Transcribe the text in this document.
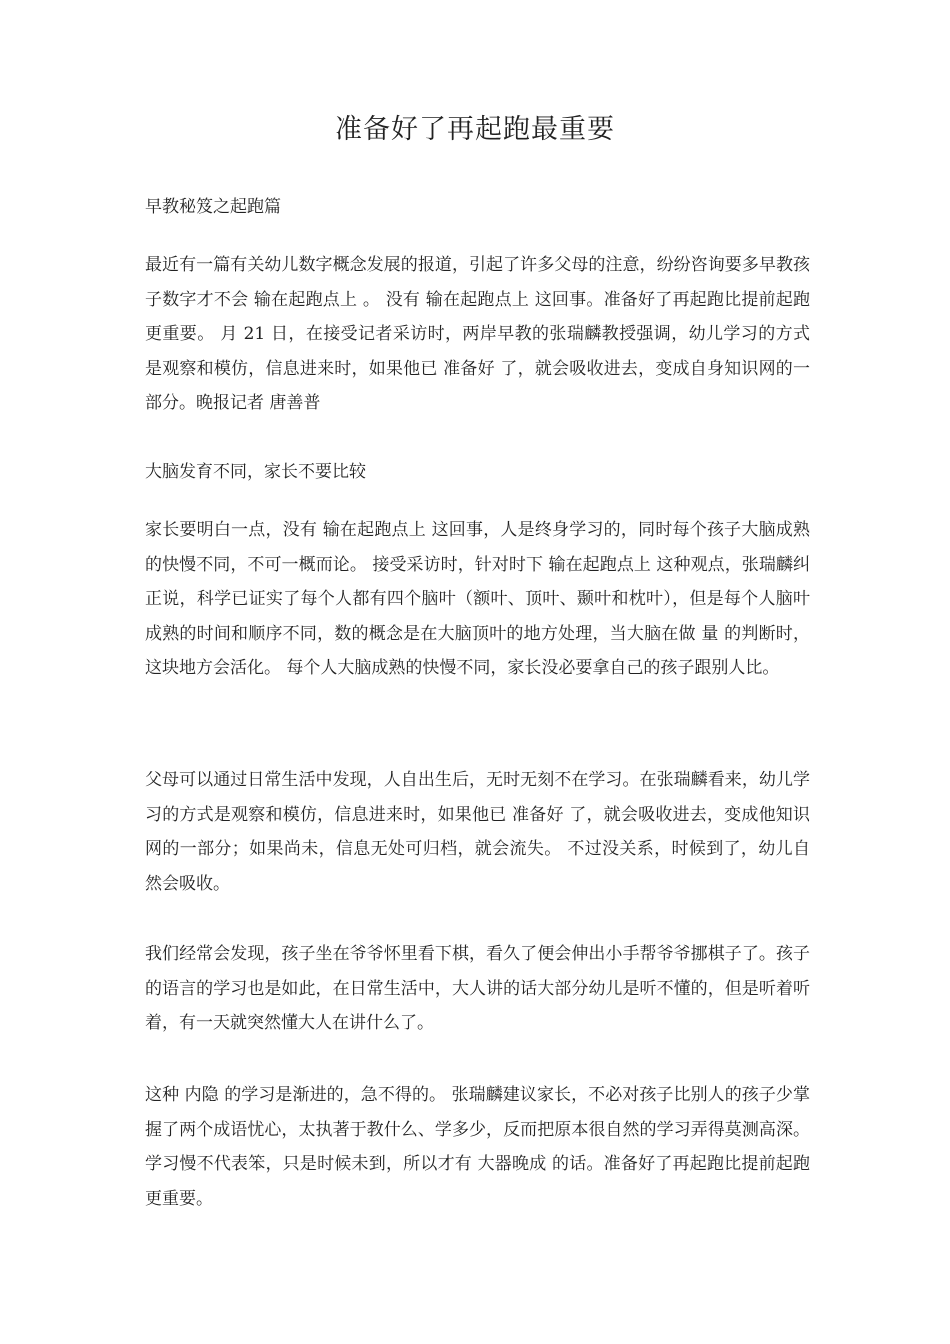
准备好了再起跑最重要

早教秘笈之起跑篇

最近有一篇有关幼儿数字概念发展的报道，引起了许多父母的注意，纷纷咨询要多早教孩子数字才不会 输在起跑点上 。 没有 输在起跑点上 这回事。准备好了再起跑比提前起跑更重要。 月 21 日，在接受记者采访时，两岸早教的张瑞麟教授强调，幼儿学习的方式是观察和模仿，信息进来时，如果他已 准备好 了，就会吸收进去，变成自身知识网的一部分。晚报记者 唐善普

大脑发育不同，家长不要比较

家长要明白一点，没有 输在起跑点上 这回事，人是终身学习的，同时每个孩子大脑成熟的快慢不同，不可一概而论。 接受采访时，针对时下 输在起跑点上 这种观点，张瑞麟纠正说，科学已证实了每个人都有四个脑叶（额叶、顶叶、颞叶和枕叶），但是每个人脑叶成熟的时间和顺序不同，数的概念是在大脑顶叶的地方处理，当大脑在做 量 的判断时，这块地方会活化。 每个人大脑成熟的快慢不同，家长没必要拿自己的孩子跟别人比。

父母可以通过日常生活中发现，人自出生后，无时无刻不在学习。在张瑞麟看来，幼儿学习的方式是观察和模仿，信息进来时，如果他已 准备好 了，就会吸收进去，变成他知识网的一部分；如果尚未，信息无处可归档，就会流失。 不过没关系，时候到了，幼儿自然会吸收。

我们经常会发现，孩子坐在爷爷怀里看下棋，看久了便会伸出小手帮爷爷挪棋子了。孩子的语言的学习也是如此，在日常生活中，大人讲的话大部分幼儿是听不懂的，但是听着听着，有一天就突然懂大人在讲什么了。

这种 内隐 的学习是渐进的，急不得的。 张瑞麟建议家长，不必对孩子比别人的孩子少掌握了两个成语忧心，太执著于教什么、学多少，反而把原本很自然的学习弄得莫测高深。学习慢不代表笨，只是时候未到，所以才有 大器晚成 的话。准备好了再起跑比提前起跑更重要。
